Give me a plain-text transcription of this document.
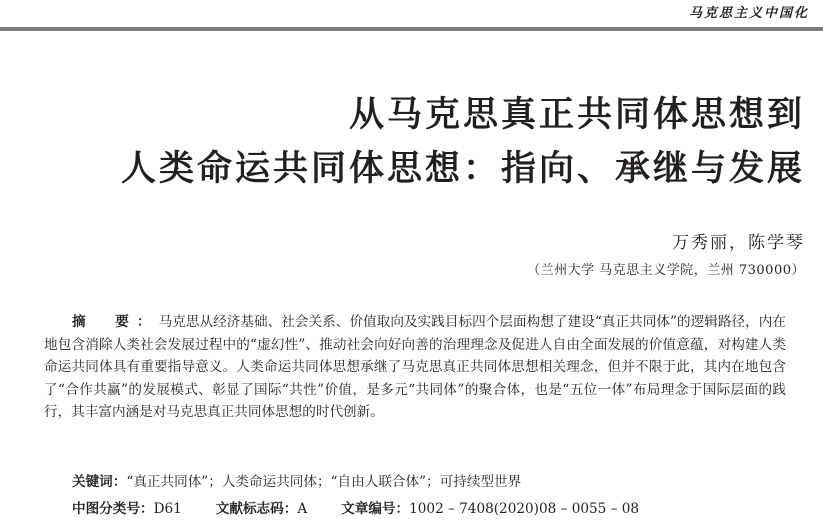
马克思主义中国化
从马克思真正共同体思想到
人类命运共同体思想：指向、承继与发展
万秀丽，陈学琴
（兰州大学 马克思主义学院，兰州 730000）

摘　要：马克思从经济基础、社会关系、价值取向及实践目标四个层面构想了建设“真正共同体”的逻辑路径，内在地包含消除人类社会发展过程中的“虚幻性”、推动社会向好向善的治理理念及促进人自由全面发展的价值意蕴，对构建人类命运共同体具有重要指导意义。人类命运共同体思想承继了马克思真正共同体思想相关理念，但并不限于此，其内在地包含了“合作共赢”的发展模式、彰显了国际“共性”价值，是多元“共同体”的聚合体，也是“五位一体”布局理念于国际层面的践行，其丰富内涵是对马克思真正共同体思想的时代创新。

关键词：“真正共同体”；人类命运共同体；“自由人联合体”；可持续型世界
中图分类号：D61	文献标志码：A	文章编号：1002 – 7408(2020)08 – 0055 – 08
